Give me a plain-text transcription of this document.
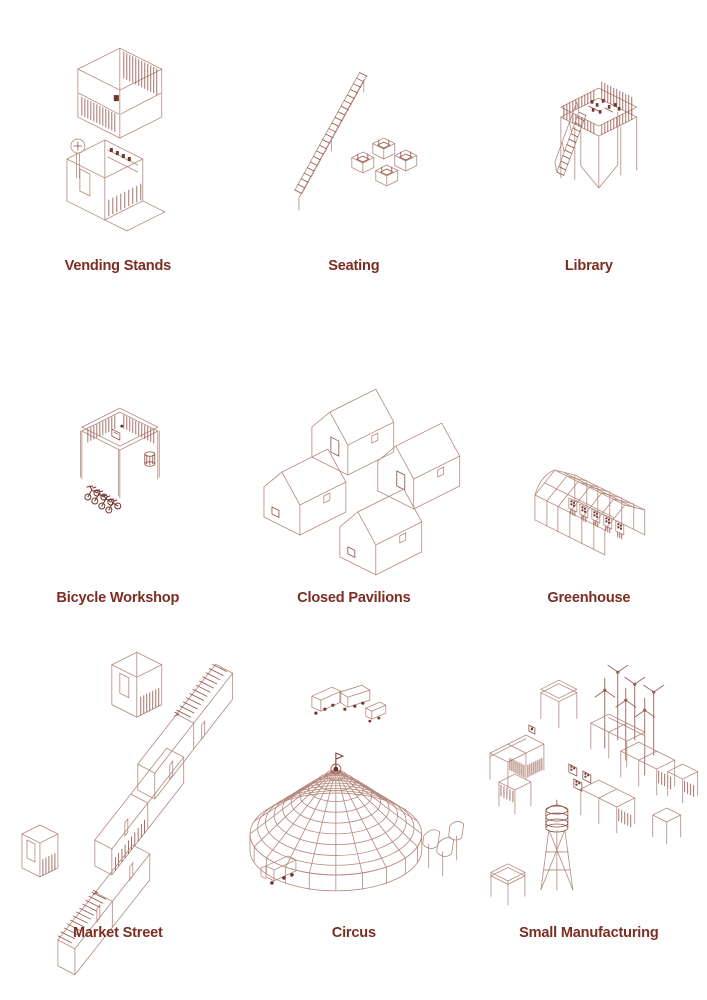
Vending Stands	Seating	Library
Bicycle Workshop	Closed Pavilions	Greenhouse
Market Street	Circus	Small Manufacturing
